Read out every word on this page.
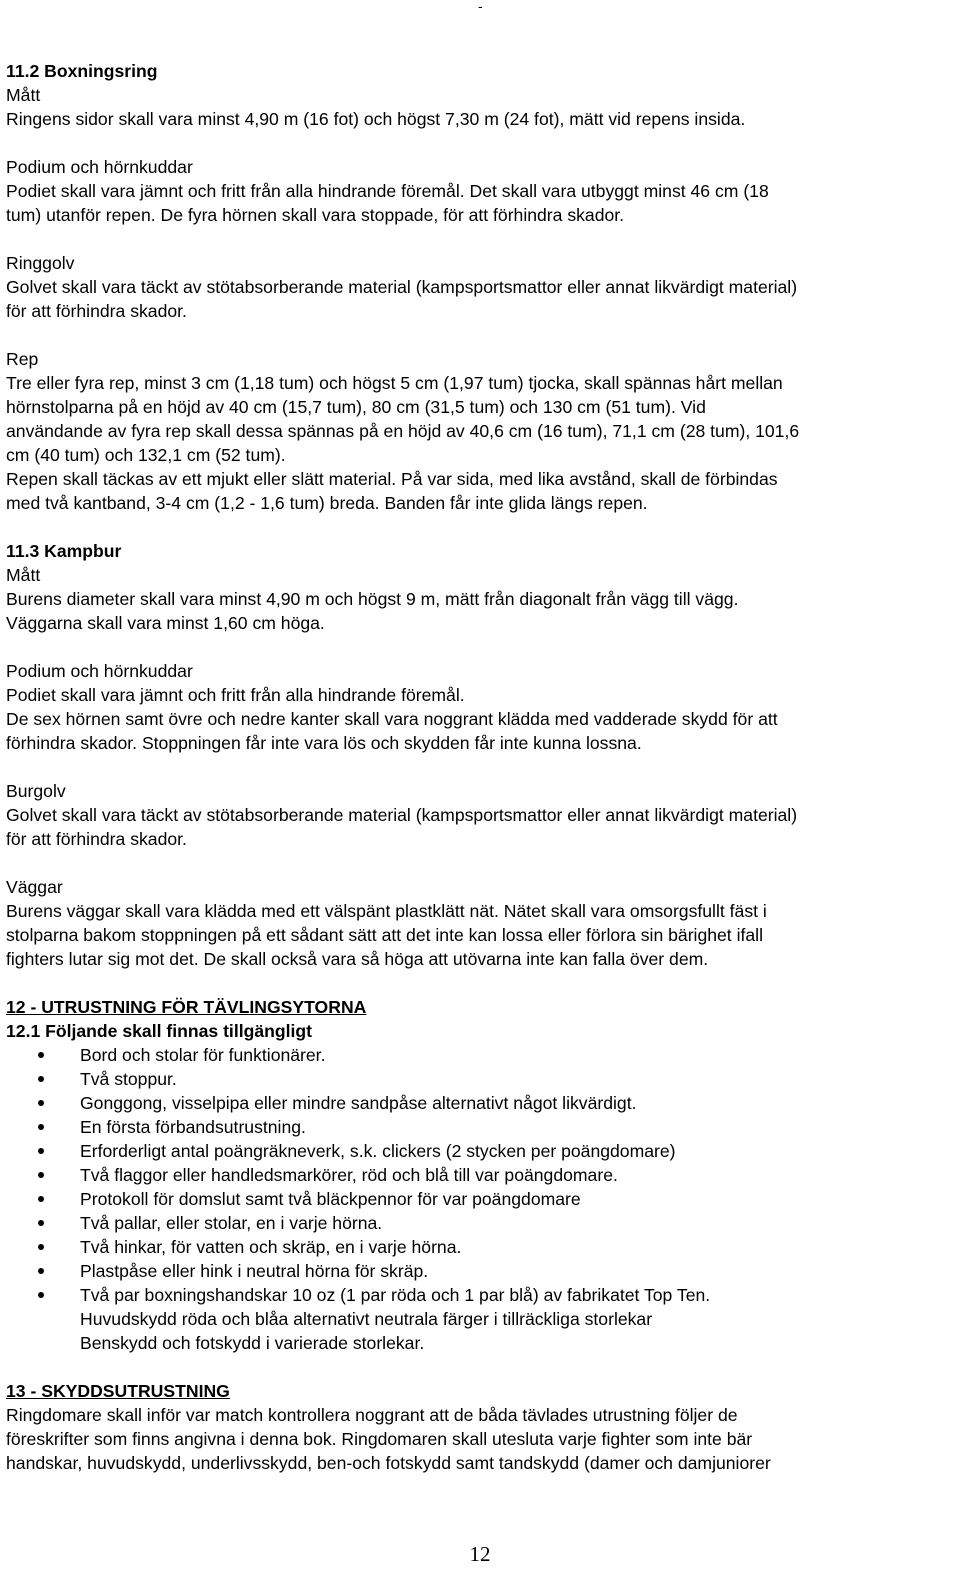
-
11.2 Boxningsring
Mått
Ringens sidor skall vara minst 4,90 m (16 fot) och högst 7,30 m (24 fot), mätt vid repens insida.
Podium och hörnkuddar
Podiet skall vara jämnt och fritt från alla hindrande föremål. Det skall vara utbyggt minst 46 cm (18
tum) utanför repen. De fyra hörnen skall vara stoppade, för att förhindra skador.
Ringgolv
Golvet skall vara täckt av stötabsorberande material (kampsportsmattor eller annat likvärdigt material)
för att förhindra skador.
Rep
Tre eller fyra rep, minst 3 cm (1,18 tum) och högst 5 cm (1,97 tum) tjocka, skall spännas hårt mellan
hörnstolparna på en höjd av 40 cm (15,7 tum), 80 cm (31,5 tum) och 130 cm (51 tum). Vid
användande av fyra rep skall dessa spännas på en höjd av 40,6 cm (16 tum), 71,1 cm (28 tum), 101,6
cm (40 tum) och 132,1 cm (52 tum).
Repen skall täckas av ett mjukt eller slätt material. På var sida, med lika avstånd, skall de förbindas
med två kantband, 3-4 cm (1,2 - 1,6 tum) breda. Banden får inte glida längs repen.
11.3 Kampbur
Mått
Burens diameter skall vara minst 4,90 m och högst 9 m, mätt från diagonalt från vägg till vägg.
Väggarna skall vara minst 1,60 cm höga.
Podium och hörnkuddar
Podiet skall vara jämnt och fritt från alla hindrande föremål.
De sex hörnen samt övre och nedre kanter skall vara noggrant klädda med vadderade skydd för att
förhindra skador. Stoppningen får inte vara lös och skydden får inte kunna lossna.
Burgolv
Golvet skall vara täckt av stötabsorberande material (kampsportsmattor eller annat likvärdigt material)
för att förhindra skador.
Väggar
Burens väggar skall vara klädda med ett välspänt plastklätt nät. Nätet skall vara omsorgsfullt fäst i
stolparna bakom stoppningen på ett sådant sätt att det inte kan lossa eller förlora sin bärighet ifall
fighters lutar sig mot det. De skall också vara så höga att utövarna inte kan falla över dem.
12 - UTRUSTNING FÖR TÄVLINGSYTORNA
12.1 Följande skall finnas tillgängligt
Bord och stolar för funktionärer.
Två stoppur.
Gonggong, visselpipa eller mindre sandpåse alternativt något likvärdigt.
En första förbandsutrustning.
Erforderligt antal poängräkneverk, s.k. clickers (2 stycken per poängdomare)
Två flaggor eller handledsmarkörer, röd och blå till var poängdomare.
Protokoll för domslut samt två bläckpennor för var poängdomare
Två pallar, eller stolar, en i varje hörna.
Två hinkar, för vatten och skräp, en i varje hörna.
Plastpåse eller hink i neutral hörna för skräp.
Två par boxningshandskar 10 oz (1 par röda och 1 par blå) av fabrikatet Top Ten.
Huvudskydd röda och blåa alternativt neutrala färger i tillräckliga storlekar
Benskydd och fotskydd i varierade storlekar.
13 - SKYDDSUTRUSTNING
Ringdomare skall inför var match kontrollera noggrant att de båda tävlades utrustning följer de
föreskrifter som finns angivna i denna bok. Ringdomaren skall utesluta varje fighter som inte bär
handskar, huvudskydd, underlivsskydd, ben-och fotskydd samt tandskydd (damer och damjuniorer
12
